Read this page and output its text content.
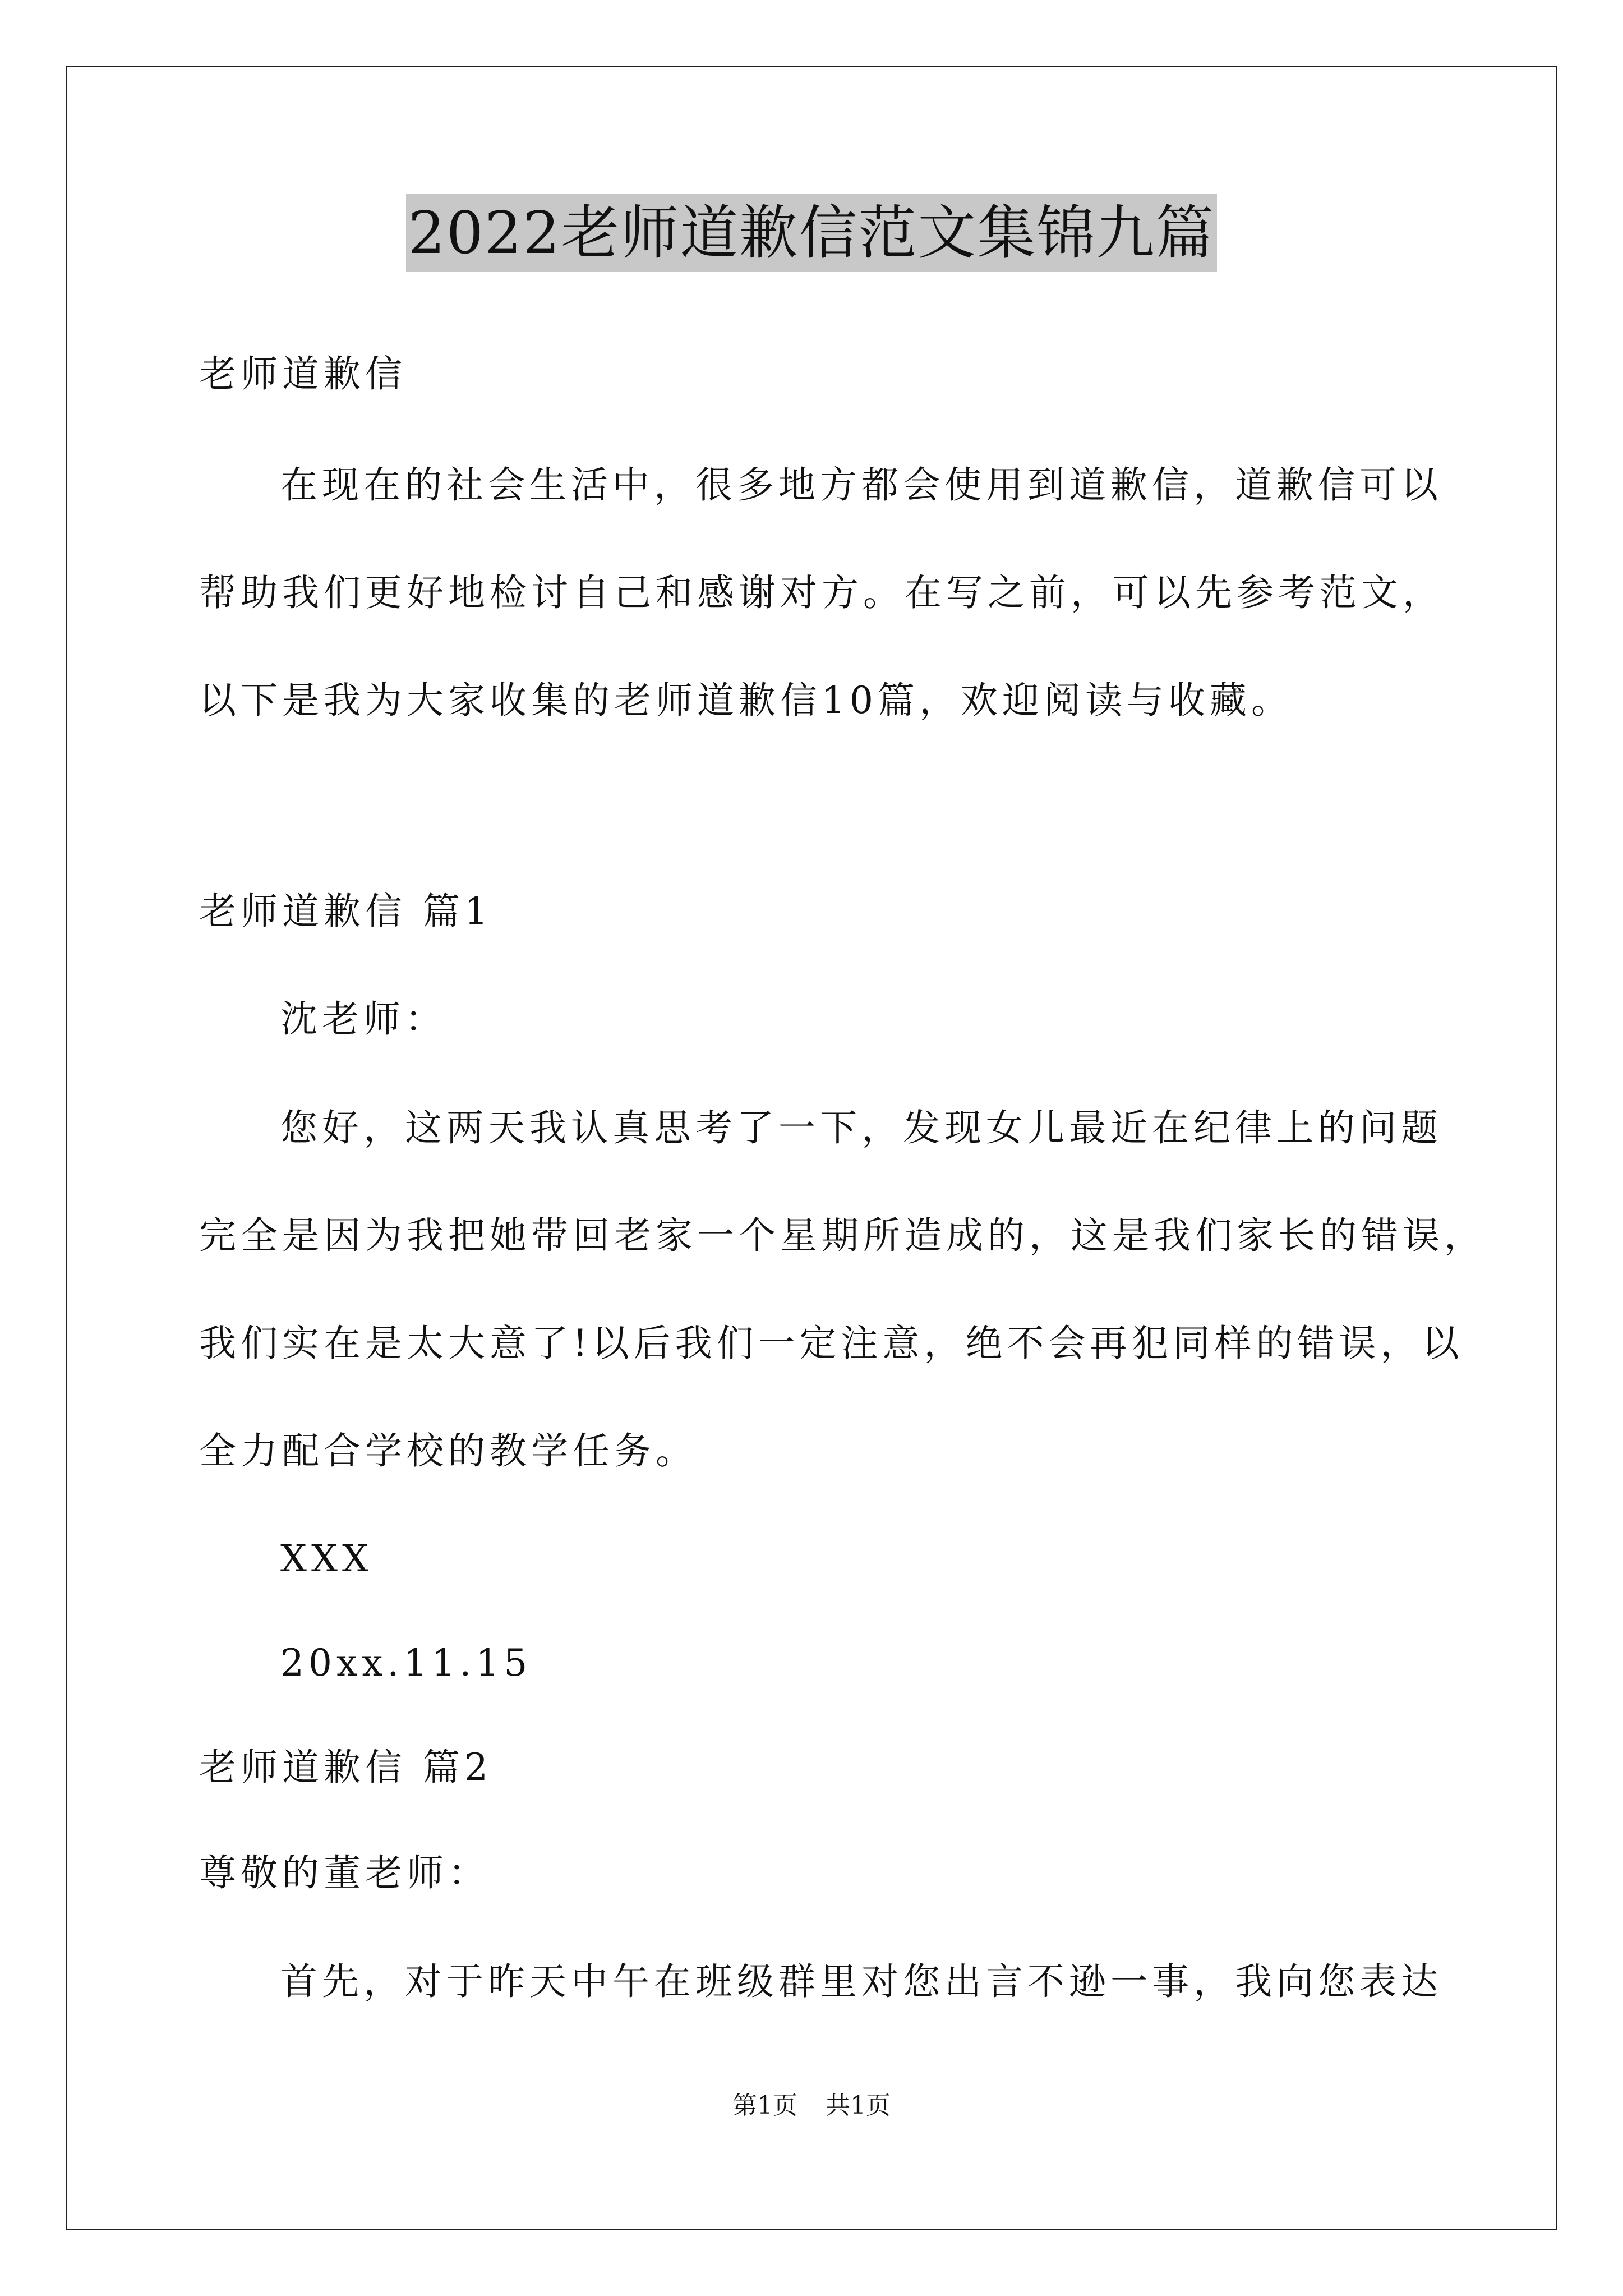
2022老师道歉信范文集锦九篇
老师道歉信
在现在的社会生活中，很多地方都会使用到道歉信，道歉信可以
帮助我们更好地检讨自己和感谢对方。在写之前，可以先参考范文，
以下是我为大家收集的老师道歉信10篇，欢迎阅读与收藏。
老师道歉信 篇1
沈老师：
您好，这两天我认真思考了一下，发现女儿最近在纪律上的问题
完全是因为我把她带回老家一个星期所造成的，这是我们家长的错误，
我们实在是太大意了!以后我们一定注意，绝不会再犯同样的错误，以
全力配合学校的教学任务。
XXX
20xx.11.15
老师道歉信 篇2
尊敬的董老师：
首先，对于昨天中午在班级群里对您出言不逊一事，我向您表达
第1页 共1页
